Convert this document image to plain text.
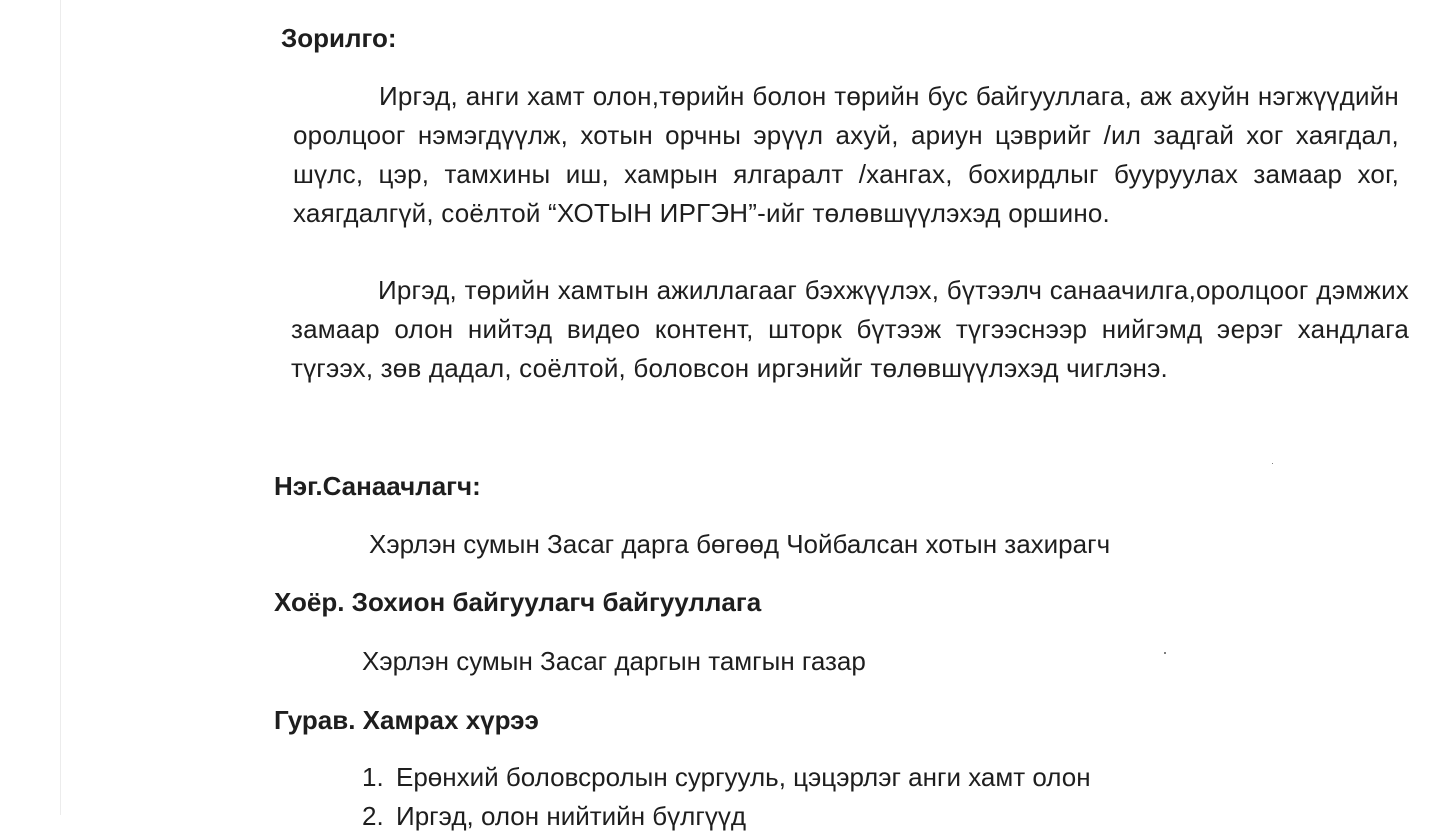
Зорилго:

Иргэд, анги хамт олон,төрийн болон төрийн бус байгууллага, аж ахуйн нэгжүүдийн оролцоог нэмэгдүүлж, хотын орчны эрүүл ахуй, ариун цэврийг /ил задгай хог хаягдал, шүлс, цэр, тамхины иш, хамрын ялгаралт /хангах, бохирдлыг бууруулах замаар хог, хаягдалгүй, соёлтой “ХОТЫН ИРГЭН”-ийг төлөвшүүлэхэд оршино.

Иргэд, төрийн хамтын ажиллагааг бэхжүүлэх, бүтээлч санаачилга,оролцоог дэмжих замаар олон нийтэд видео контент, шторк бүтээж түгээснээр нийгэмд эерэг хандлага түгээх, зөв дадал, соёлтой, боловсон иргэнийг төлөвшүүлэхэд чиглэнэ.

Нэг.Санаачлагч:

Хэрлэн сумын Засаг дарга бөгөөд Чойбалсан хотын захирагч

Хоёр. Зохион байгуулагч байгууллага

Хэрлэн сумын Засаг даргын тамгын газар

Гурав. Хамрах хүрээ
1. Ерөнхий боловсролын сургууль, цэцэрлэг анги хамт олон
2. Иргэд, олон нийтийн бүлгүүд
